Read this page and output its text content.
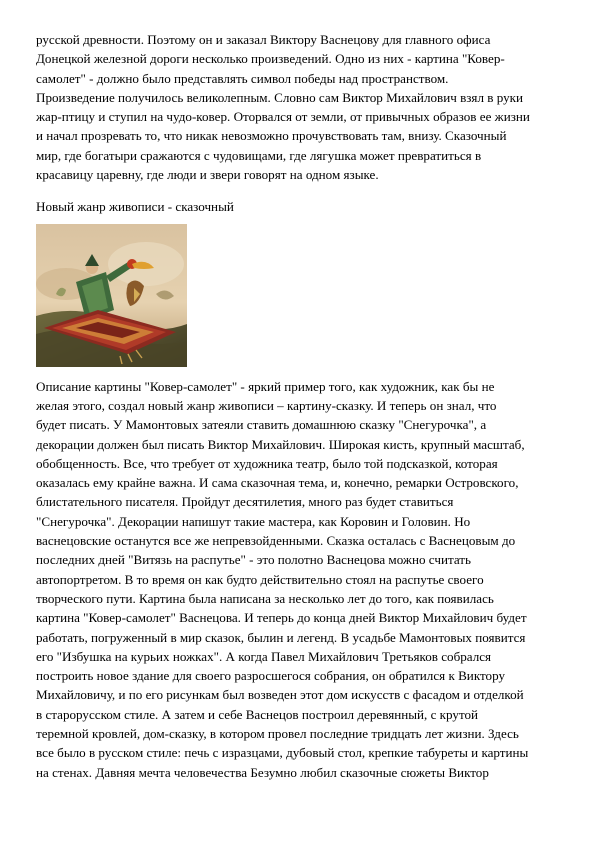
русской древности. Поэтому он и заказал Виктору Васнецову для главного офиса
Донецкой железной дороги несколько произведений. Одно из них - картина "Ковер-
самолет" - должно было представлять символ победы над пространством.
Произведение получилось великолепным. Словно сам Виктор Михайлович взял в руки
жар-птицу и ступил на чудо-ковер. Оторвался от земли, от привычных образов ее жизни
и начал прозревать то, что никак невозможно прочувствовать там, внизу. Сказочный
мир, где богатыри сражаются с чудовищами, где лягушка может превратиться в
красавицу царевну, где люди и звери говорят на одном языке.

Новый жанр живописи - сказочный

Описание картины "Ковер-самолет" - яркий пример того, как художник, как бы не
желая этого, создал новый жанр живописи – картину-сказку. И теперь он знал, что
будет писать. У Мамонтовых затеяли ставить домашнюю сказку "Снегурочка", а
декорации должен был писать Виктор Михайлович. Широкая кисть, крупный масштаб,
обобщенность. Все, что требует от художника театр, было той подсказкой, которая
оказалась ему крайне важна. И сама сказочная тема, и, конечно, ремарки Островского,
блистательного писателя. Пройдут десятилетия, много раз будет ставиться
"Снегурочка". Декорации напишут такие мастера, как Коровин и Головин. Но
васнецовские останутся все же непревзойденными. Сказка осталась с Васнецовым до
последних дней "Витязь на распутье" - это полотно Васнецова можно считать
автопортретом. В то время он как будто действительно стоял на распутье своего
творческого пути. Картина была написана за несколько лет до того, как появилась
картина "Ковер-самолет" Васнецова. И теперь до конца дней Виктор Михайлович будет
работать, погруженный в мир сказок, былин и легенд. В усадьбе Мамонтовых появится
его "Избушка на курьих ножках". А когда Павел Михайлович Третьяков собрался
построить новое здание для своего разросшегося собрания, он обратился к Виктору
Михайловичу, и по его рисункам был возведен этот дом искусств с фасадом и отделкой
в старорусском стиле. А затем и себе Васнецов построил деревянный, с крутой
теремной кровлей, дом-сказку, в котором провел последние тридцать лет жизни. Здесь
все было в русском стиле: печь с изразцами, дубовый стол, крепкие табуреты и картины
на стенах. Давняя мечта человечества Безумно любил сказочные сюжеты Виктор
